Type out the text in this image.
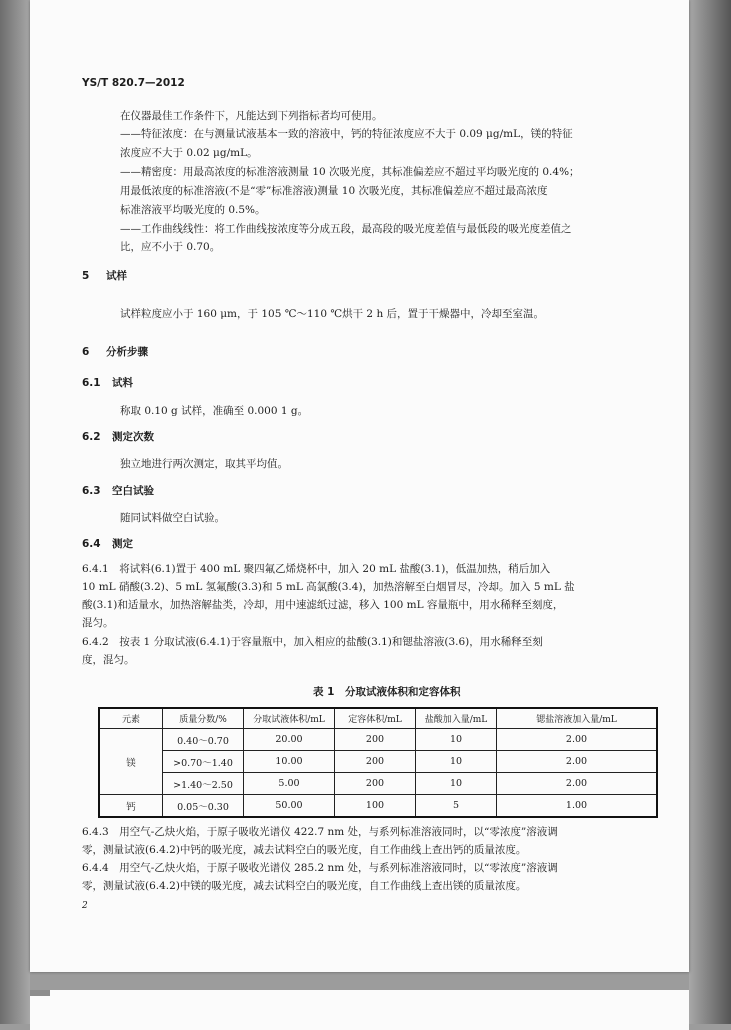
YS/T 820.7—2012
在仪器最佳工作条件下，凡能达到下列指标者均可使用。
——特征浓度：在与测量试液基本一致的溶液中，钙的特征浓度应不大于 0.09 μg/mL，镁的特征
浓度应不大于 0.02 μg/mL。
——精密度：用最高浓度的标准溶液测量 10 次吸光度，其标准偏差应不超过平均吸光度的 0.4%；
用最低浓度的标准溶液(不是“零”标准溶液)测量 10 次吸光度，其标准偏差应不超过最高浓度
标准溶液平均吸光度的 0.5%。
——工作曲线线性：将工作曲线按浓度等分成五段，最高段的吸光度差值与最低段的吸光度差值之
比，应不小于 0.70。
5 试样
试样粒度应小于 160 μm，于 105 ℃～110 ℃烘干 2 h 后，置于干燥器中，冷却至室温。
6 分析步骤
6.1 试料
称取 0.10 g 试样，准确至 0.000 1 g。
6.2 测定次数
独立地进行两次测定，取其平均值。
6.3 空白试验
随同试料做空白试验。
6.4 测定
6.4.1　将试料(6.1)置于 400 mL 聚四氟乙烯烧杯中，加入 20 mL 盐酸(3.1)，低温加热，稍后加入
10 mL 硝酸(3.2)、5 mL 氢氟酸(3.3)和 5 mL 高氯酸(3.4)，加热溶解至白烟冒尽，冷却。加入 5 mL 盐
酸(3.1)和适量水，加热溶解盐类，冷却，用中速滤纸过滤，移入 100 mL 容量瓶中，用水稀释至刻度，
混匀。
6.4.2　按表 1 分取试液(6.4.1)于容量瓶中，加入相应的盐酸(3.1)和锶盐溶液(3.6)，用水稀释至刻
度，混匀。
表 1　分取试液体积和定容体积
元素	质量分数/%	分取试液体积/mL	定容体积/mL	盐酸加入量/mL	锶盐溶液加入量/mL
镁	0.40～0.70	20.00	200	10	2.00
	>0.70～1.40	10.00	200	10	2.00
	>1.40～2.50	5.00	200	10	2.00
钙	0.05～0.30	50.00	100	5	1.00
6.4.3　用空气-乙炔火焰，于原子吸收光谱仪 422.7 nm 处，与系列标准溶液同时，以“零浓度”溶液调
零，测量试液(6.4.2)中钙的吸光度，减去试料空白的吸光度，自工作曲线上查出钙的质量浓度。
6.4.4　用空气-乙炔火焰，于原子吸收光谱仪 285.2 nm 处，与系列标准溶液同时，以“零浓度”溶液调
零，测量试液(6.4.2)中镁的吸光度，减去试料空白的吸光度，自工作曲线上查出镁的质量浓度。
2
